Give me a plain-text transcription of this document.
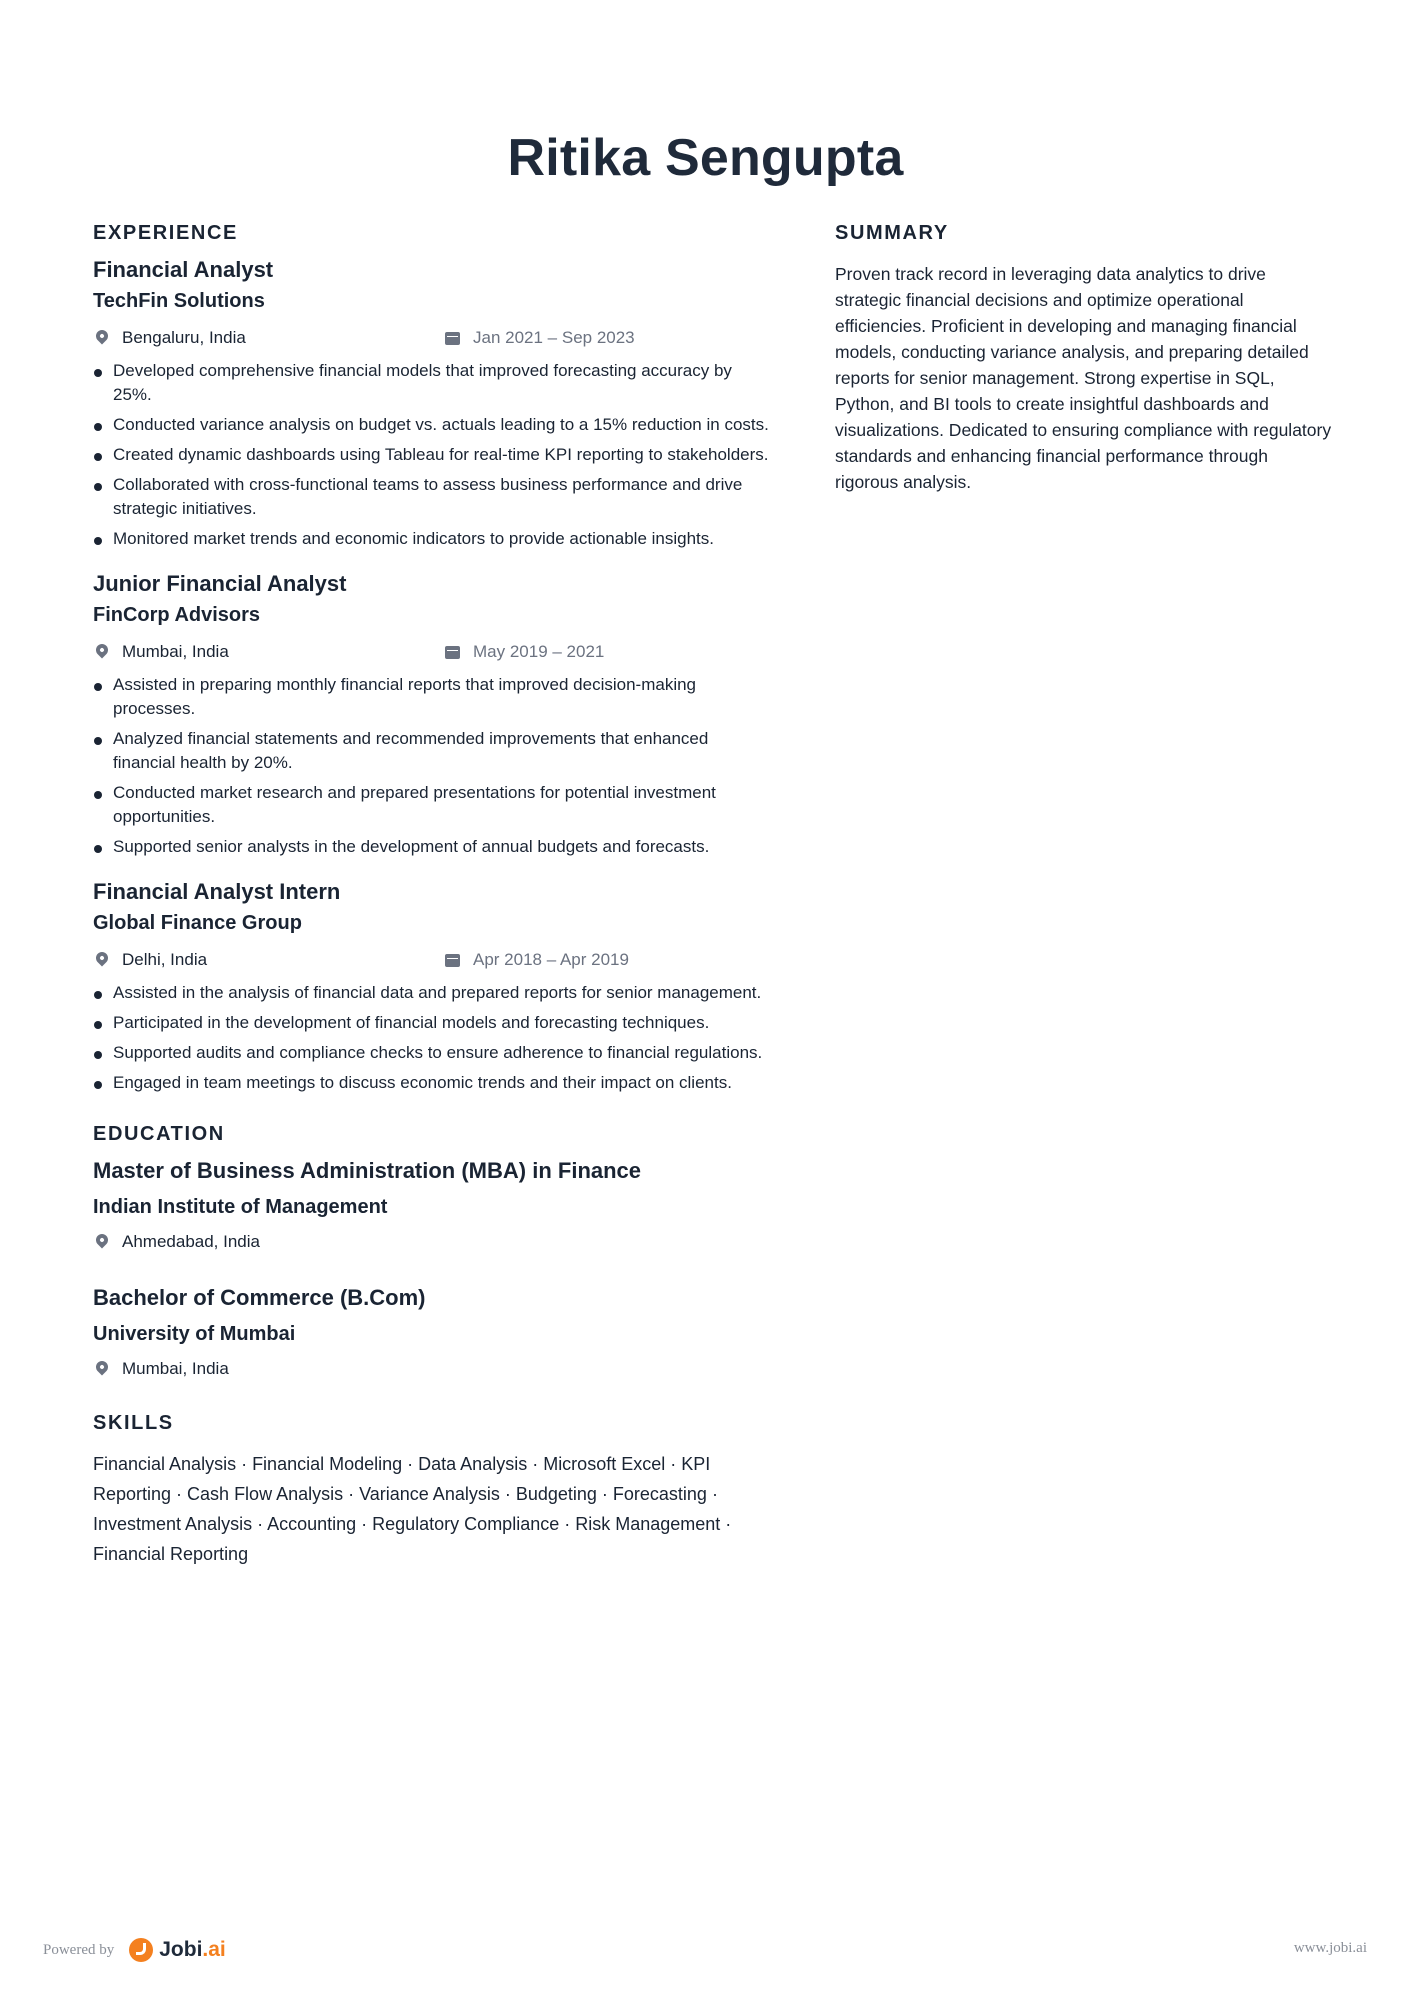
Ritika Sengupta
EXPERIENCE
Financial Analyst
TechFin Solutions
Bengaluru, India	Jan 2021 – Sep 2023
Developed comprehensive financial models that improved forecasting accuracy by 25%.
Conducted variance analysis on budget vs. actuals leading to a 15% reduction in costs.
Created dynamic dashboards using Tableau for real-time KPI reporting to stakeholders.
Collaborated with cross-functional teams to assess business performance and drive strategic initiatives.
Monitored market trends and economic indicators to provide actionable insights.
Junior Financial Analyst
FinCorp Advisors
Mumbai, India	May 2019 – 2021
Assisted in preparing monthly financial reports that improved decision-making processes.
Analyzed financial statements and recommended improvements that enhanced financial health by 20%.
Conducted market research and prepared presentations for potential investment opportunities.
Supported senior analysts in the development of annual budgets and forecasts.
Financial Analyst Intern
Global Finance Group
Delhi, India	Apr 2018 – Apr 2019
Assisted in the analysis of financial data and prepared reports for senior management.
Participated in the development of financial models and forecasting techniques.
Supported audits and compliance checks to ensure adherence to financial regulations.
Engaged in team meetings to discuss economic trends and their impact on clients.
EDUCATION
Master of Business Administration (MBA) in Finance
Indian Institute of Management
Ahmedabad, India
Bachelor of Commerce (B.Com)
University of Mumbai
Mumbai, India
SKILLS

Financial Analysis · Financial Modeling · Data Analysis · Microsoft Excel · KPI Reporting · Cash Flow Analysis · Variance Analysis · Budgeting · Forecasting · Investment Analysis · Accounting · Regulatory Compliance · Risk Management · Financial Reporting

SUMMARY

Proven track record in leveraging data analytics to drive strategic financial decisions and optimize operational efficiencies. Proficient in developing and managing financial models, conducting variance analysis, and preparing detailed reports for senior management. Strong expertise in SQL, Python, and BI tools to create insightful dashboards and visualizations. Dedicated to ensuring compliance with regulatory standards and enhancing financial performance through rigorous analysis.

Powered by Jobi.ai	www.jobi.ai
